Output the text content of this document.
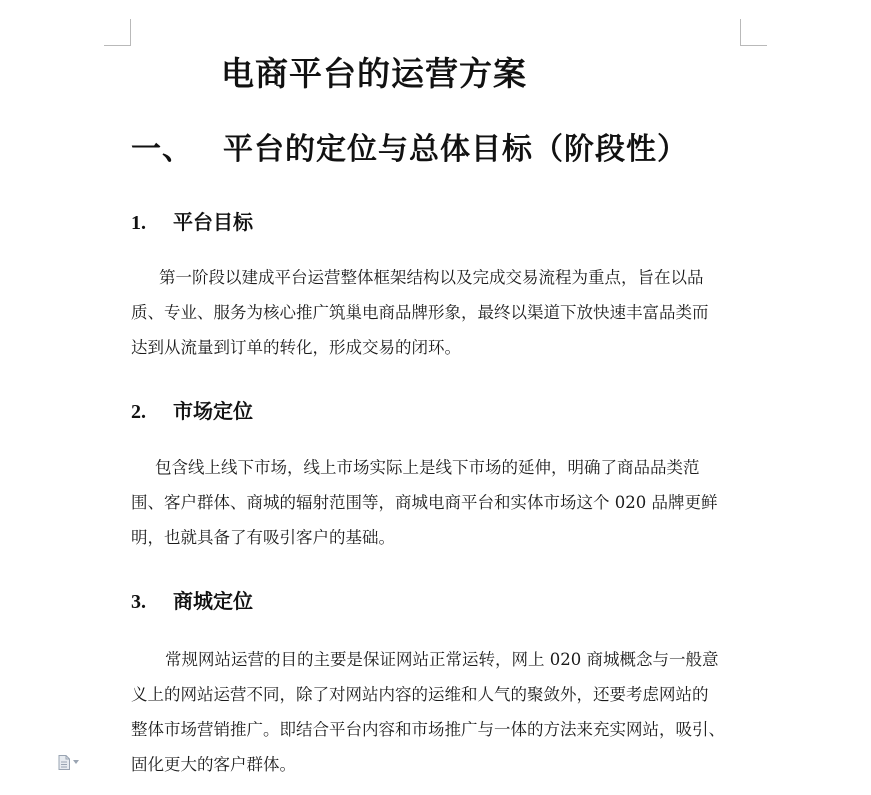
电商平台的运营方案
一、 平台的定位与总体目标（阶段性）
1. 平台目标
第一阶段以建成平台运营整体框架结构以及完成交易流程为重点，旨在以品
质、专业、服务为核心推广筑巢电商品牌形象，最终以渠道下放快速丰富品类而
达到从流量到订单的转化，形成交易的闭环。
2. 市场定位
包含线上线下市场，线上市场实际上是线下市场的延伸，明确了商品品类范
围、客户群体、商城的辐射范围等，商城电商平台和实体市场这个 020 品牌更鲜
明，也就具备了有吸引客户的基础。
3. 商城定位
常规网站运营的目的主要是保证网站正常运转，网上 020 商城概念与一般意
义上的网站运营不同，除了对网站内容的运维和人气的聚敛外，还要考虑网站的
整体市场营销推广。即结合平台内容和市场推广与一体的方法来充实网站，吸引、
固化更大的客户群体。
